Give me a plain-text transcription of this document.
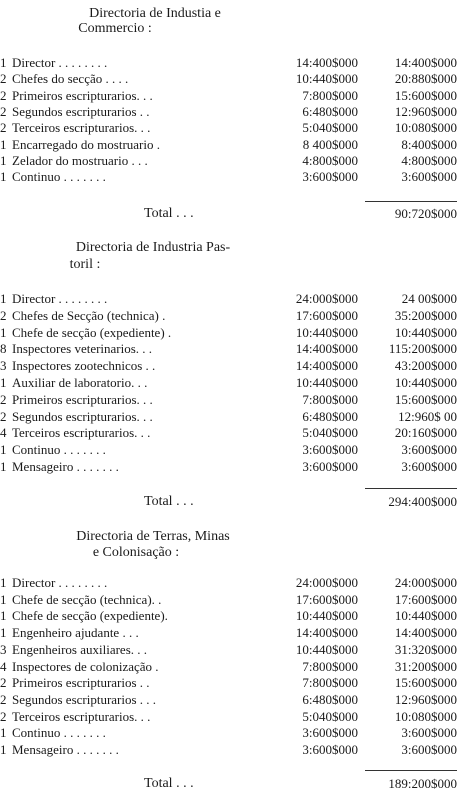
Directoria de Industia e
Commercio :
Directoria de Industria Pas-
toril :
Directoria de Terras, Minas
e Colonisação :
1 Director . . . . . . . .	14:400$000	14:400$000
2 Chefes do secção . . . .	10:440$000	20:880$000
2 Primeiros escripturarios. . .	7:800$000	15:600$000
2 Segundos escripturarios . .	6:480$000	12:960$000
2 Terceiros escripturarios. . .	5:040$000	10:080$000
1 Encarregado do mostruario .	8 400$000	8:400$000
1 Zelador do mostruario . . .	4:800$000	4:800$000
1 Continuo . . . . . . .	3:600$000	3:600$000
1 Director . . . . . . . .	24:000$000	24 00$000
2 Chefes de Secção (technica) .	17:600$000	35:200$000
1 Chefe de secção (expediente) .	10:440$000	10:440$000
8 Inspectores veterinarios. . .	14:400$000 115:200$000
3 Inspectores zootechnicos . .	14:400$000	43:200$000
1 Auxiliar de laboratorio. . .	10:440$000	10:440$000
2 Primeiros escripturarios. . .	7:800$000	15:600$000
2 Segundos escripturarios. . .	6:480$000	12:960$ 00
4 Terceiros escripturarios. . .	5:040$000	20:160$000
1 Continuo . . . . . . .	3:600$000	3:600$000
1 Mensageiro . . . . . . .	3:600$000	3:600$000
1 Director . . . . . . . .	24:000$000	24:000$000
1 Chefe de secção (technica). .	17:600$000	17:600$000
1 Chefe de secção (expediente).	10:440$000	10:440$000
1 Engenheiro ajudante . . .	14:400$000	14:400$000
3 Engenheiros auxiliares. . .	10:440$000	31:320$000
4 Inspectores de colonização .	7:800$000	31:200$000
2 Primeiros escripturarios . .	7:800$000	15:600$000
2 Segundos escripturarios . . .	6:480$000	12:960$000
2 Terceiros escripturarios. . .	5:040$000	10:080$000
1 Continuo . . . . . . .	3:600$000	3:600$000
1 Mensageiro . . . . . . .	3:600$000	3:600$000
Total . . .	90:720$000
Total . . .	294:400$000
Total . . .	189:200$000
